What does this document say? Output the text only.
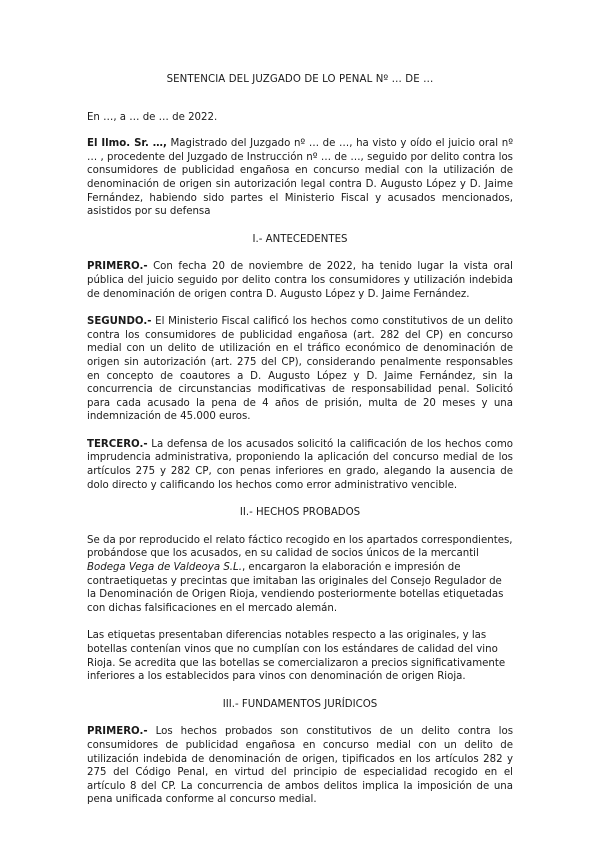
SENTENCIA DEL JUZGADO DE LO PENAL Nº … DE …

En …, a … de … de 2022.

El Ilmo. Sr. …, Magistrado del Juzgado nº … de …, ha visto y oído el juicio oral nº … , procedente del Juzgado de Instrucción nº … de …, seguido por delito contra los consumidores de publicidad engañosa en concurso medial con la utilización de denominación de origen sin autorización legal contra D. Augusto López y D. Jaime Fernández, habiendo sido partes el Ministerio Fiscal y acusados mencionados, asistidos por su defensa

I.- ANTECEDENTES

PRIMERO.- Con fecha 20 de noviembre de 2022, ha tenido lugar la vista oral pública del juicio seguido por delito contra los consumidores y utilización indebida de denominación de origen contra D. Augusto López y D. Jaime Fernández.

SEGUNDO.- El Ministerio Fiscal calificó los hechos como constitutivos de un delito contra los consumidores de publicidad engañosa (art. 282 del CP) en concurso medial con un delito de utilización en el tráfico económico de denominación de origen sin autorización (art. 275 del CP), considerando penalmente responsables en concepto de coautores a D. Augusto López y D. Jaime Fernández, sin la concurrencia de circunstancias modificativas de responsabilidad penal. Solicitó para cada acusado la pena de 4 años de prisión, multa de 20 meses y una indemnización de 45.000 euros.

TERCERO.- La defensa de los acusados solicitó la calificación de los hechos como imprudencia administrativa, proponiendo la aplicación del concurso medial de los artículos 275 y 282 CP, con penas inferiores en grado, alegando la ausencia de dolo directo y calificando los hechos como error administrativo vencible.

II.- HECHOS PROBADOS

Se da por reproducido el relato fáctico recogido en los apartados correspondientes, probándose que los acusados, en su calidad de socios únicos de la mercantil Bodega Vega de Valdeoya S.L., encargaron la elaboración e impresión de contraetiquetas y precintas que imitaban las originales del Consejo Regulador de la Denominación de Origen Rioja, vendiendo posteriormente botellas etiquetadas con dichas falsificaciones en el mercado alemán.

Las etiquetas presentaban diferencias notables respecto a las originales, y las botellas contenían vinos que no cumplían con los estándares de calidad del vino Rioja. Se acredita que las botellas se comercializaron a precios significativamente inferiores a los establecidos para vinos con denominación de origen Rioja.

III.- FUNDAMENTOS JURÍDICOS

PRIMERO.- Los hechos probados son constitutivos de un delito contra los consumidores de publicidad engañosa en concurso medial con un delito de utilización indebida de denominación de origen, tipificados en los artículos 282 y 275 del Código Penal, en virtud del principio de especialidad recogido en el artículo 8 del CP. La concurrencia de ambos delitos implica la imposición de una pena unificada conforme al concurso medial.
